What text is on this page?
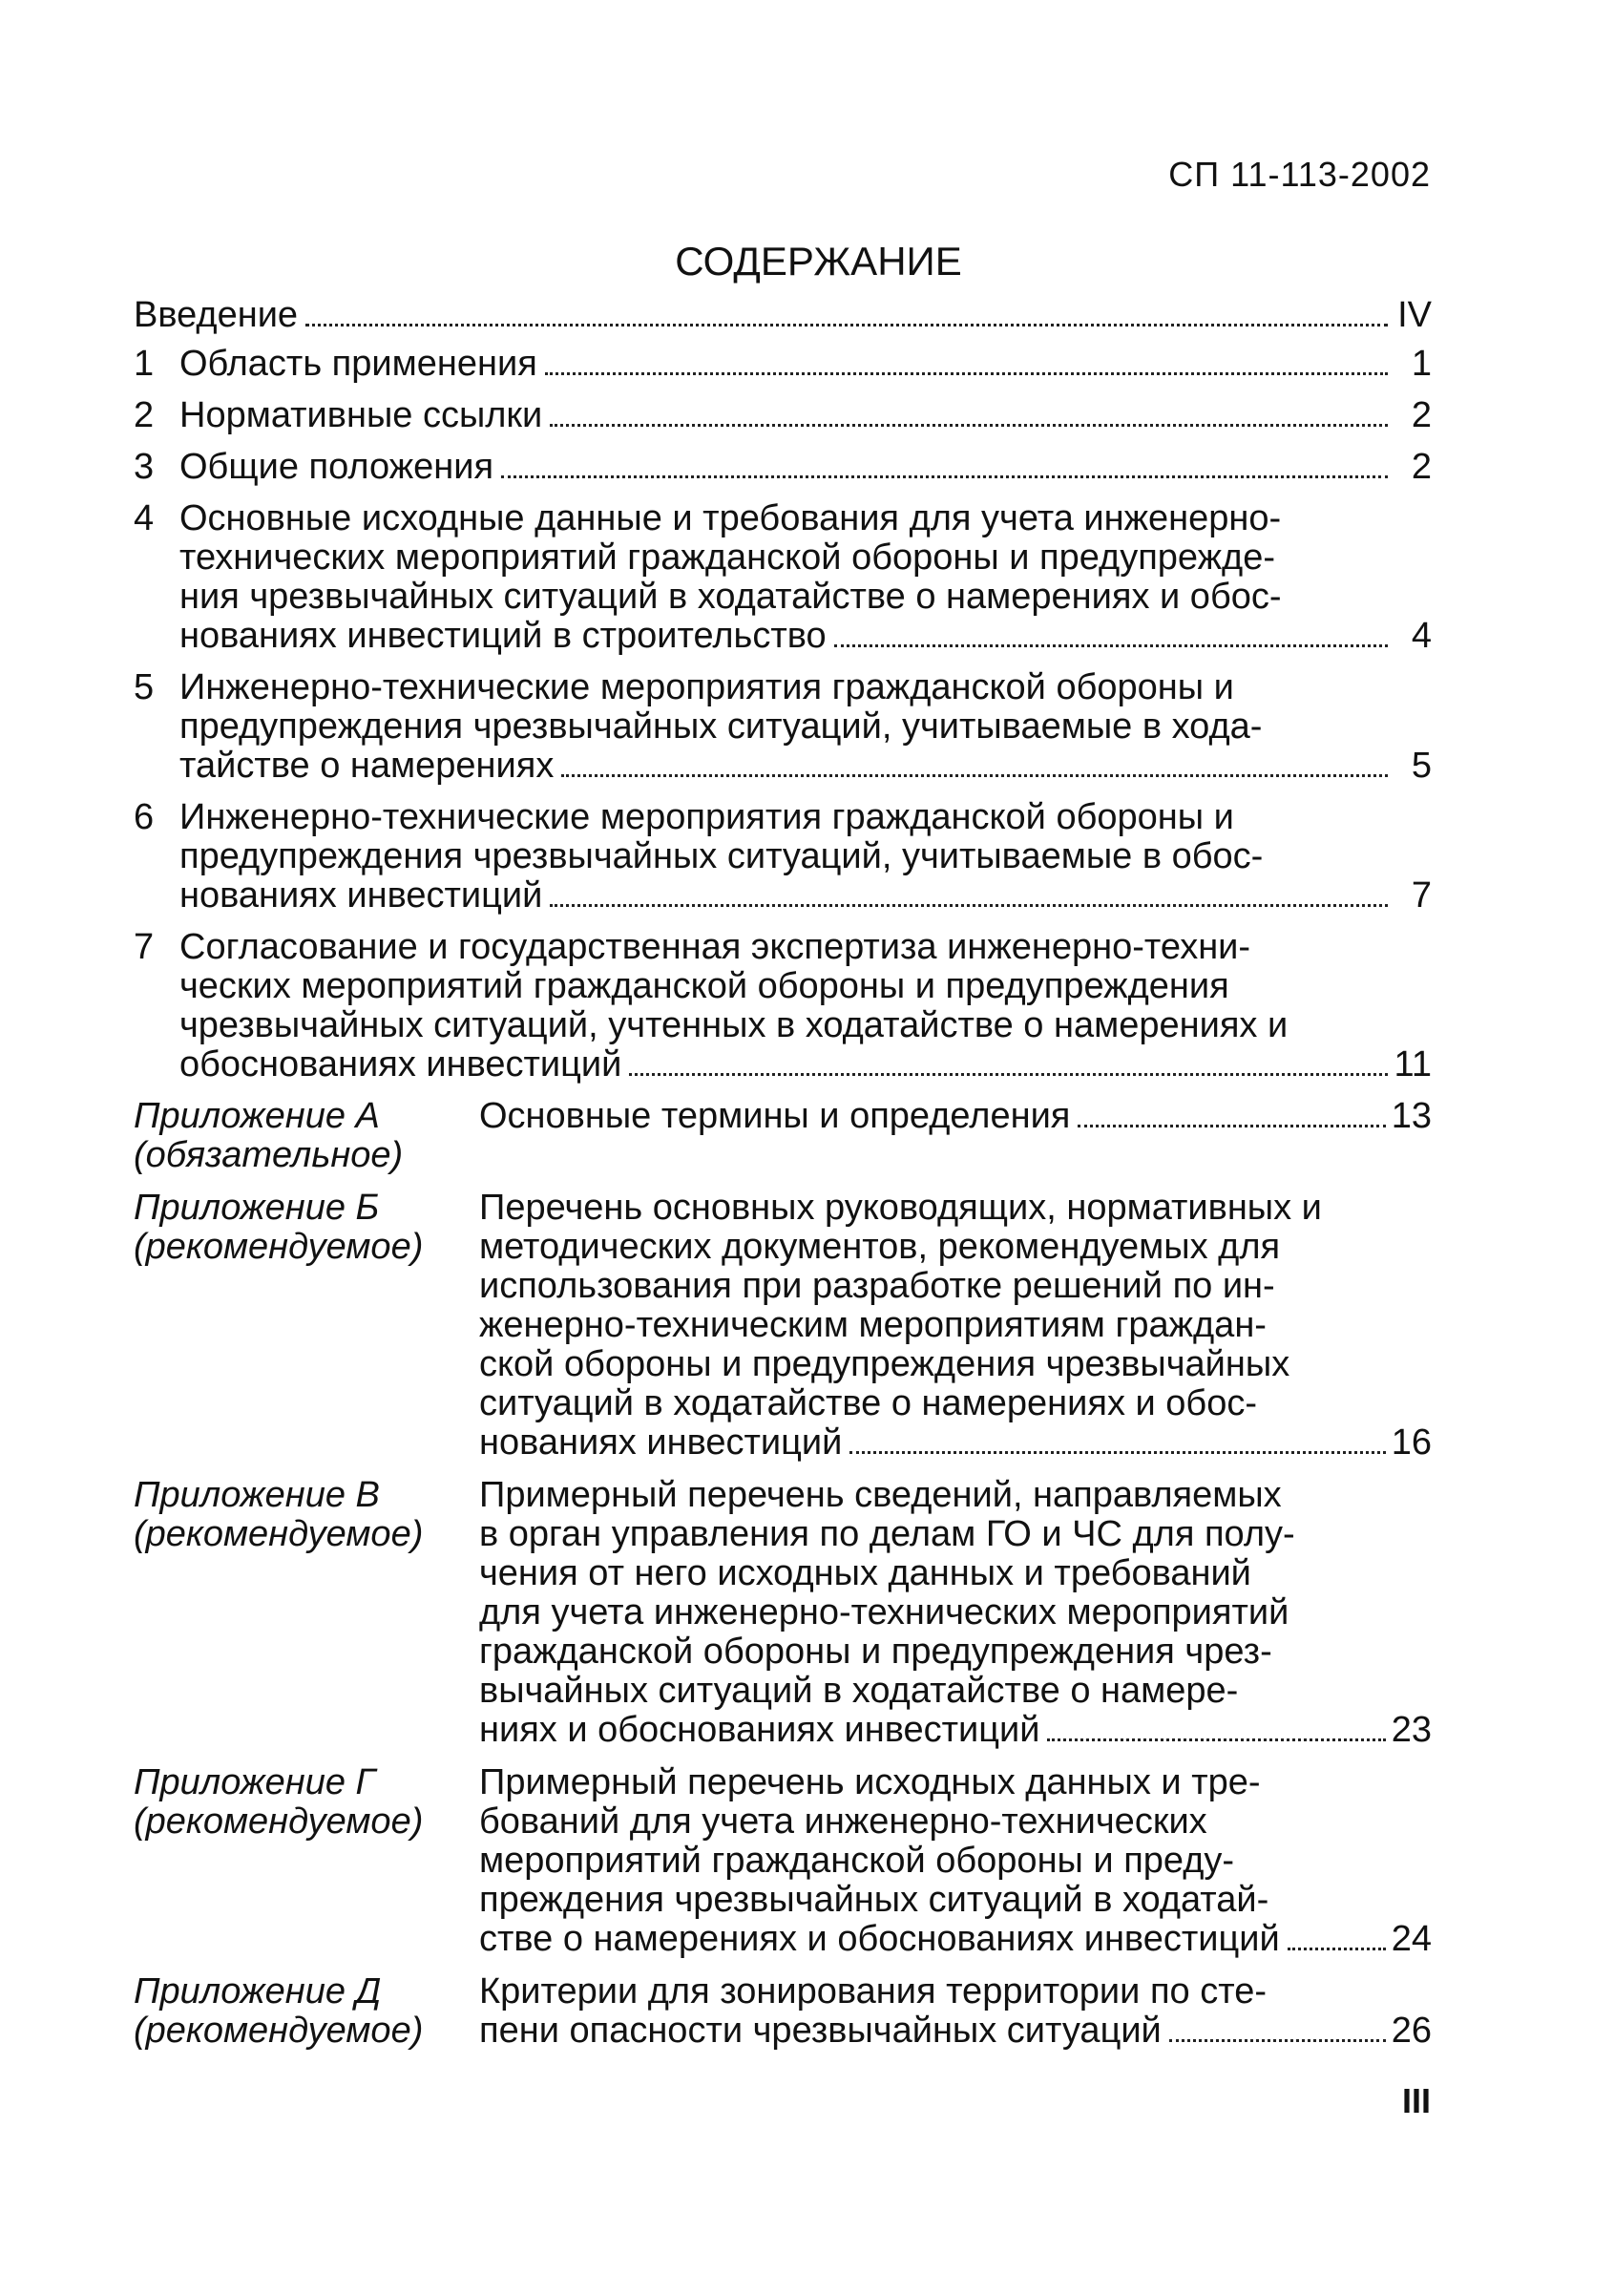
СП 11-113-2002
СОДЕРЖАНИЕ
Введение	IV
1 Область применения	1
2 Нормативные ссылки	2
3 Общие положения	2
4 Основные исходные данные и требования для учета инженерно-
технических мероприятий гражданской обороны и предупрежде-
ния чрезвычайных ситуаций в ходатайстве о намерениях и обос-
нованиях инвестиций в строительство	4
5 Инженерно-технические мероприятия гражданской обороны и
предупреждения чрезвычайных ситуаций, учитываемые в хода-
тайстве о намерениях	5
6 Инженерно-технические мероприятия гражданской обороны и
предупреждения чрезвычайных ситуаций, учитываемые в обос-
нованиях инвестиций	7
7 Согласование и государственная экспертиза инженерно-техни-
ческих мероприятий гражданской обороны и предупреждения
чрезвычайных ситуаций, учтенных в ходатайстве о намерениях и
обоснованиях инвестиций	11
Приложение А
(обязательное)
Основные термины и определения	13
Приложение Б
(рекомендуемое)
Перечень основных руководящих, нормативных и
методических документов, рекомендуемых для
использования при разработке решений по ин-
женерно-техническим мероприятиям граждан-
ской обороны и предупреждения чрезвычайных
ситуаций в ходатайстве о намерениях и обос-
нованиях инвестиций	16
Приложение В
(рекомендуемое)
Примерный перечень сведений, направляемых
в орган управления по делам ГО и ЧС для полу-
чения от него исходных данных и требований
для учета инженерно-технических мероприятий
гражданской обороны и предупреждения чрез-
вычайных ситуаций в ходатайстве о намере-
ниях и обоснованиях инвестиций	23
Приложение Г
(рекомендуемое)
Примерный перечень исходных данных и тре-
бований для учета инженерно-технических
мероприятий гражданской обороны и преду-
преждения чрезвычайных ситуаций в ходатай-
стве о намерениях и обоснованиях инвестиций	24
Приложение Д
(рекомендуемое)
Критерии для зонирования территории по сте-
пени опасности чрезвычайных ситуаций	26
III
